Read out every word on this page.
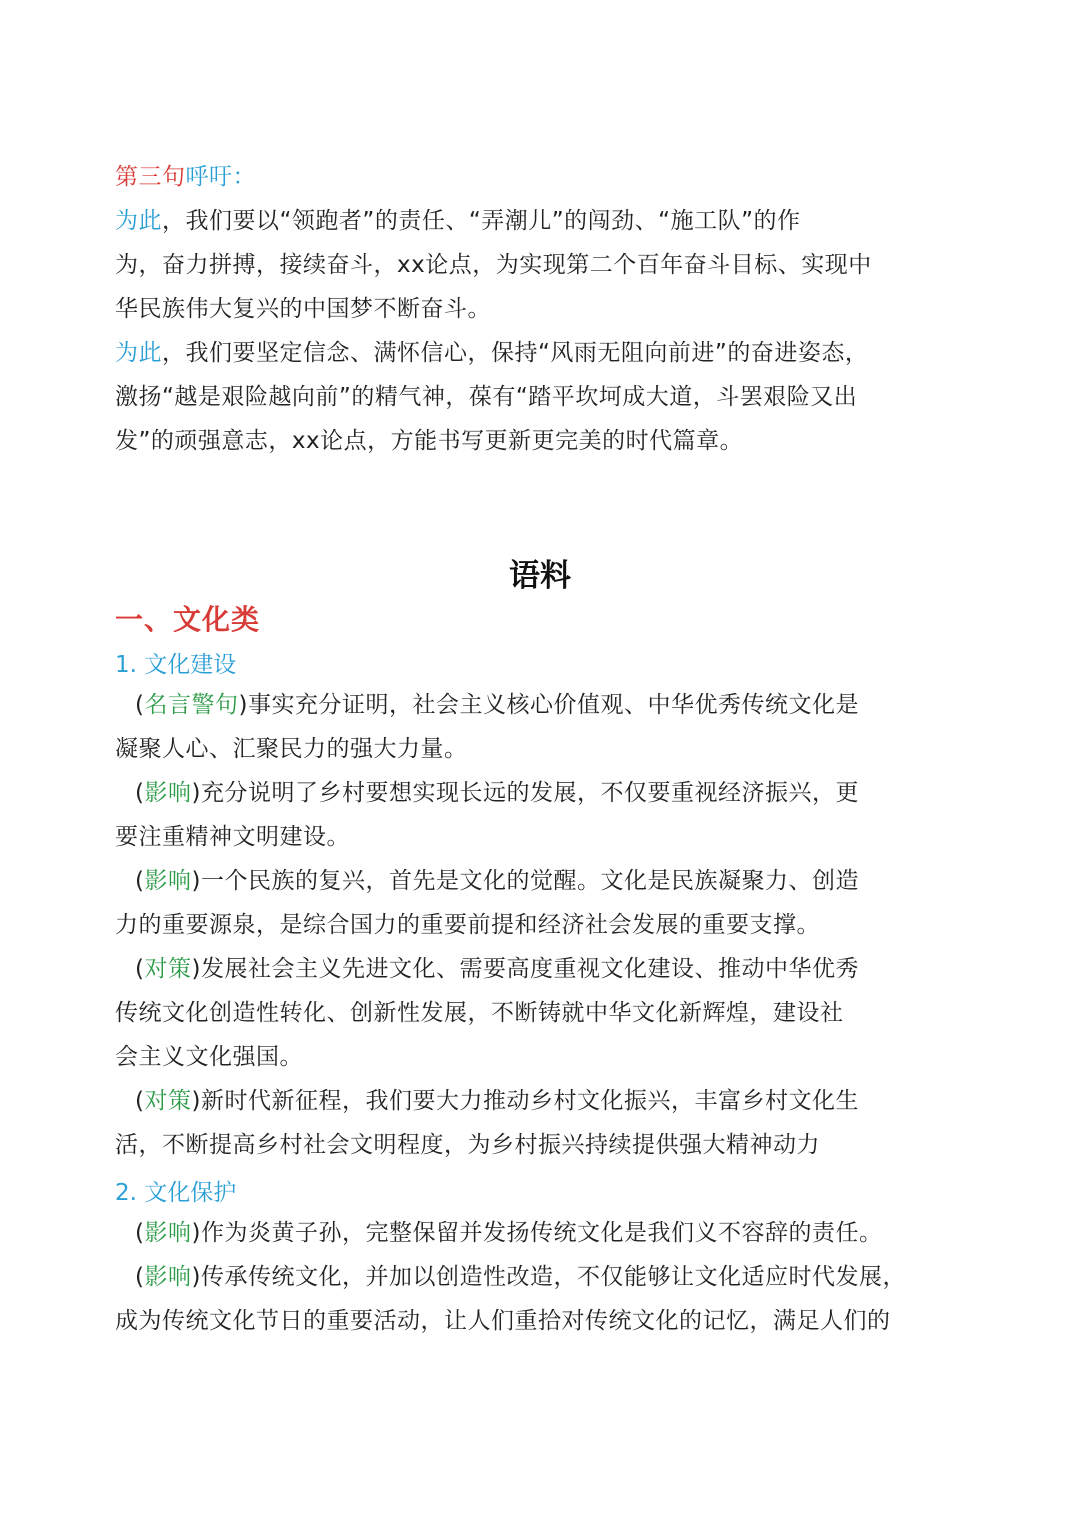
第三句呼吁：
为此，我们要以“领跑者”的责任、“弄潮儿”的闯劲、“施工队”的作
为，奋力拼搏，接续奋斗，xx论点，为实现第二个百年奋斗目标、实现中
华民族伟大复兴的中国梦不断奋斗。
为此，我们要坚定信念、满怀信心，保持“风雨无阻向前进”的奋进姿态，
激扬“越是艰险越向前”的精气神，葆有“踏平坎坷成大道，斗罢艰险又出
发”的顽强意志，xx论点，方能书写更新更完美的时代篇章。
语料
一、文化类
1. 文化建设
(名言警句)事实充分证明，社会主义核心价值观、中华优秀传统文化是
凝聚人心、汇聚民力的强大力量。
(影响)充分说明了乡村要想实现长远的发展，不仅要重视经济振兴，更
要注重精神文明建设。
(影响)一个民族的复兴，首先是文化的觉醒。文化是民族凝聚力、创造
力的重要源泉，是综合国力的重要前提和经济社会发展的重要支撑。
(对策)发展社会主义先进文化、需要高度重视文化建设、推动中华优秀
传统文化创造性转化、创新性发展，不断铸就中华文化新辉煌，建设社
会主义文化强国。
(对策)新时代新征程，我们要大力推动乡村文化振兴，丰富乡村文化生
活，不断提高乡村社会文明程度，为乡村振兴持续提供强大精神动力
2. 文化保护
(影响)作为炎黄子孙，完整保留并发扬传统文化是我们义不容辞的责任。
(影响)传承传统文化，并加以创造性改造，不仅能够让文化适应时代发展，
成为传统文化节日的重要活动，让人们重拾对传统文化的记忆，满足人们的
